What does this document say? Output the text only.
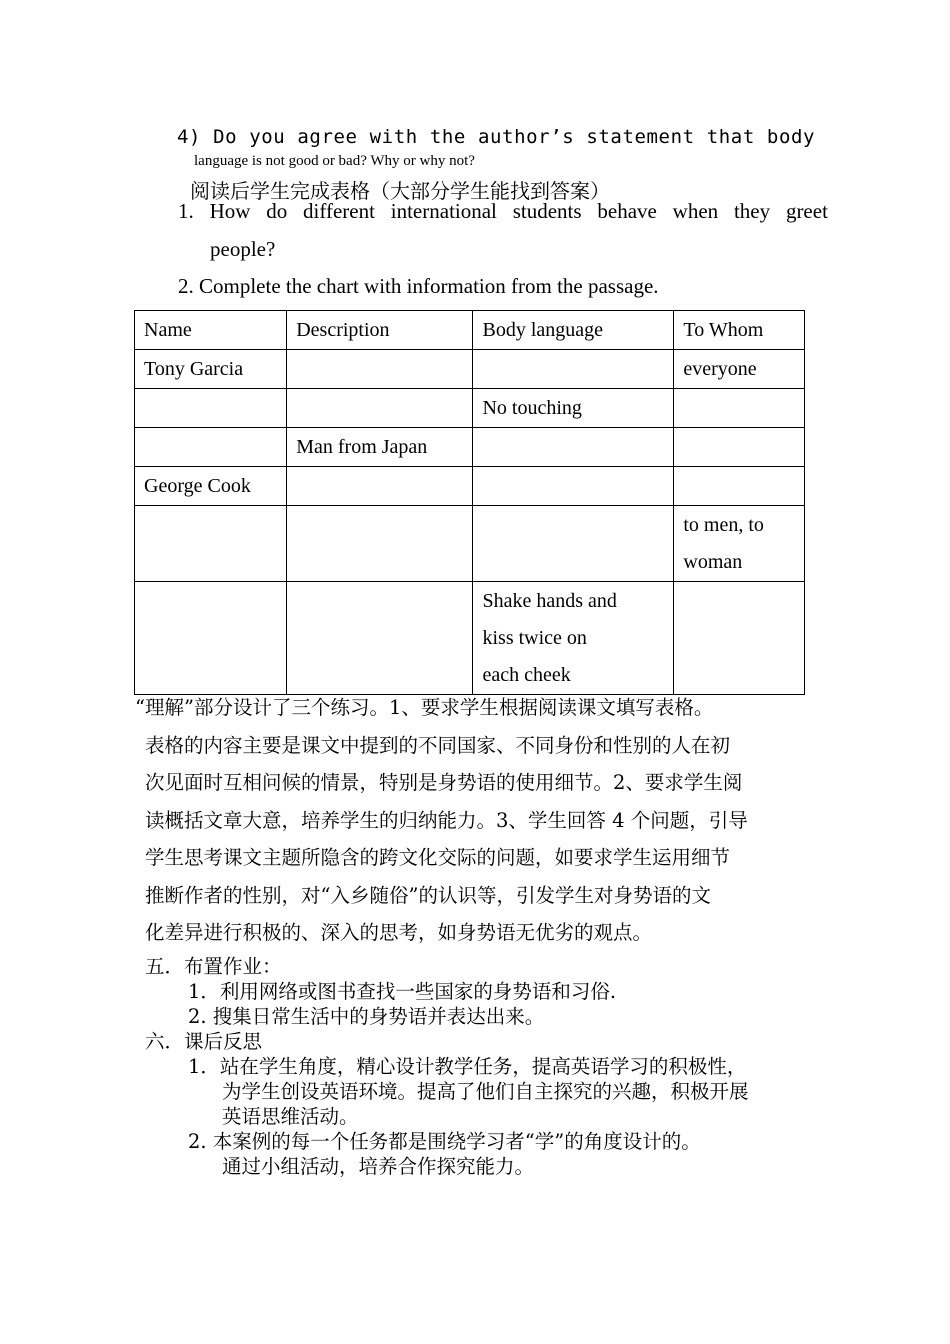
4) Do you agree with the author’s statement that body
language is not good or bad? Why or why not?
阅读后学生完成表格（大部分学生能找到答案）
1. How do different international students behave when they greet
people?
2. Complete the chart with information from the passage.
Name	Description	Body language	To Whom
Tony Garcia			everyone
		No touching	
	Man from Japan		
George Cook			
			to men, to
woman
		Shake hands and
kiss twice on
each cheek	

“理解”部分设计了三个练习。1、要求学生根据阅读课文填写表格。

表格的内容主要是课文中提到的不同国家、不同身份和性别的人在初

次见面时互相问候的情景，特别是身势语的使用细节。2、要求学生阅

读概括文章大意，培养学生的归纳能力。3、学生回答 4 个问题，引导

学生思考课文主题所隐含的跨文化交际的问题，如要求学生运用细节

推断作者的性别，对“入乡随俗”的认识等，引发学生对身势语的文

化差异进行积极的、深入的思考，如身势语无优劣的观点。

五．布置作业：
1．利用网络或图书查找一些国家的身势语和习俗.
2. 搜集日常生活中的身势语并表达出来。
六．课后反思
1．站在学生角度，精心设计教学任务，提高英语学习的积极性，
为学生创设英语环境。提高了他们自主探究的兴趣，积极开展
英语思维活动。
2. 本案例的每一个任务都是围绕学习者“学”的角度设计的。
通过小组活动，培养合作探究能力。
